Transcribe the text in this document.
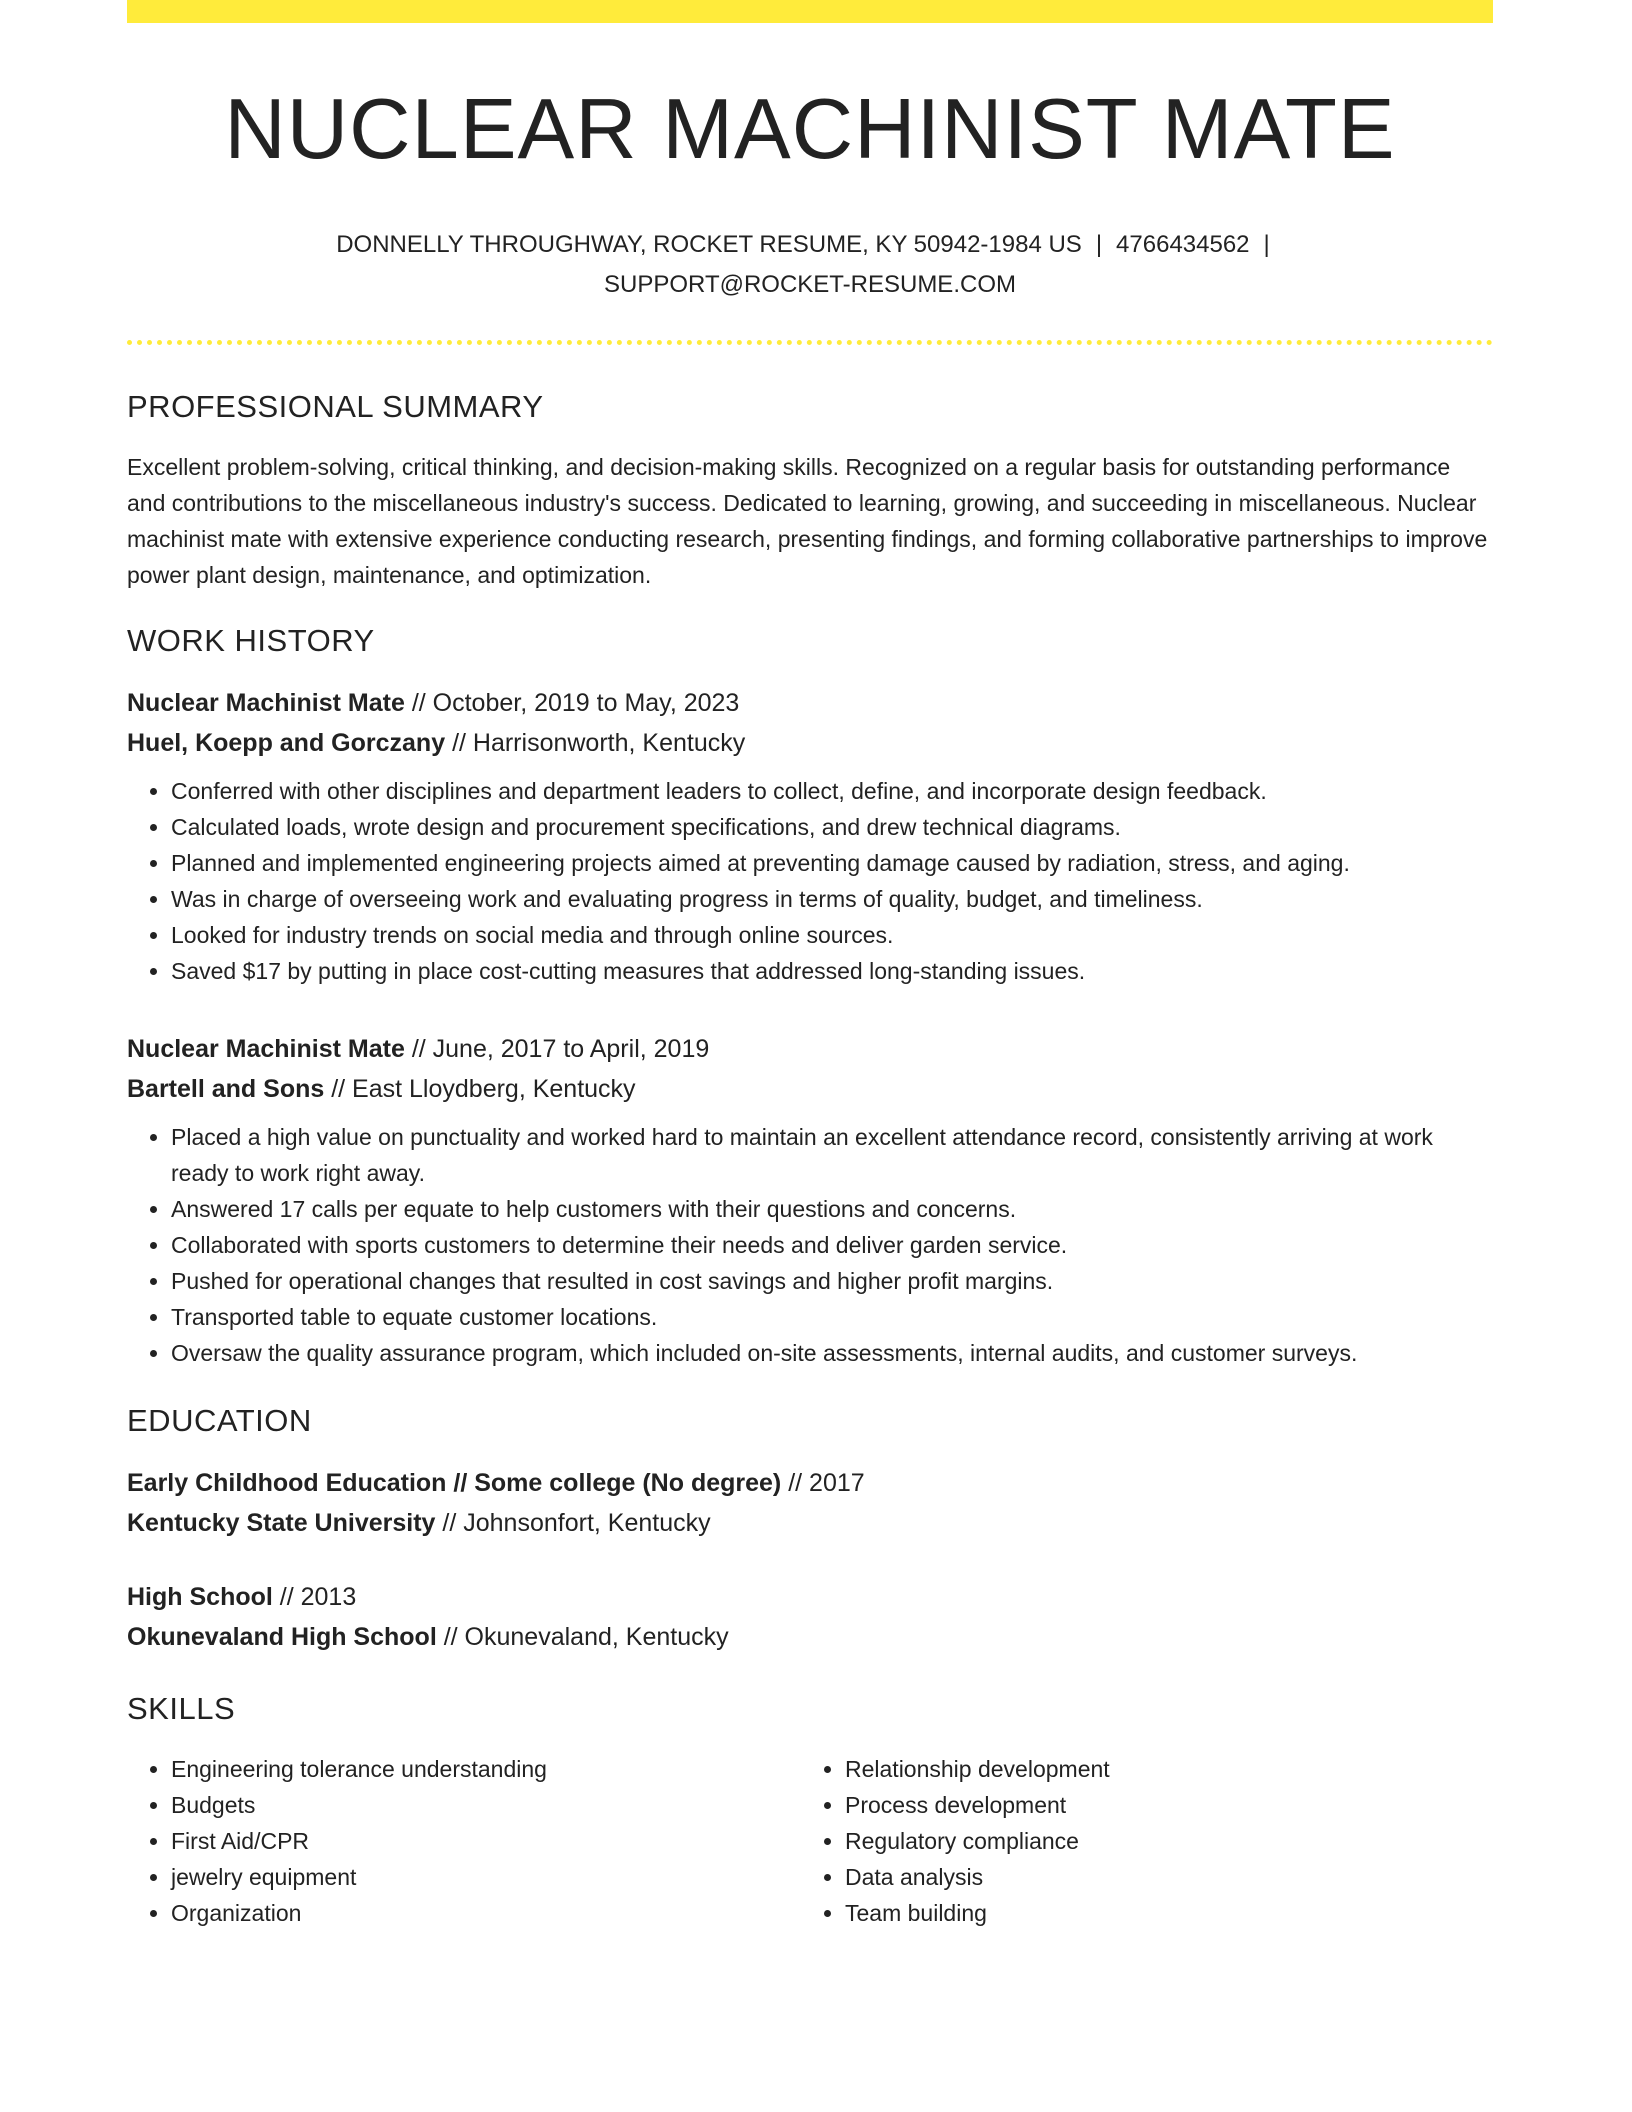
NUCLEAR MACHINIST MATE
DONNELLY THROUGHWAY, ROCKET RESUME, KY 50942-1984 US | 4766434562 |
SUPPORT@ROCKET-RESUME.COM
PROFESSIONAL SUMMARY
Excellent problem-solving, critical thinking, and decision-making skills. Recognized on a regular basis for outstanding performance and contributions to the miscellaneous industry's success. Dedicated to learning, growing, and succeeding in miscellaneous. Nuclear machinist mate with extensive experience conducting research, presenting findings, and forming collaborative partnerships to improve power plant design, maintenance, and optimization.
WORK HISTORY
Nuclear Machinist Mate // October, 2019 to May, 2023
Huel, Koepp and Gorczany // Harrisonworth, Kentucky
• Conferred with other disciplines and department leaders to collect, define, and incorporate design feedback.
• Calculated loads, wrote design and procurement specifications, and drew technical diagrams.
• Planned and implemented engineering projects aimed at preventing damage caused by radiation, stress, and aging.
• Was in charge of overseeing work and evaluating progress in terms of quality, budget, and timeliness.
• Looked for industry trends on social media and through online sources.
• Saved $17 by putting in place cost-cutting measures that addressed long-standing issues.
Nuclear Machinist Mate // June, 2017 to April, 2019
Bartell and Sons // East Lloydberg, Kentucky
• Placed a high value on punctuality and worked hard to maintain an excellent attendance record, consistently arriving at work ready to work right away.
• Answered 17 calls per equate to help customers with their questions and concerns.
• Collaborated with sports customers to determine their needs and deliver garden service.
• Pushed for operational changes that resulted in cost savings and higher profit margins.
• Transported table to equate customer locations.
• Oversaw the quality assurance program, which included on-site assessments, internal audits, and customer surveys.
EDUCATION
Early Childhood Education // Some college (No degree) // 2017
Kentucky State University // Johnsonfort, Kentucky
High School // 2013
Okunevaland High School // Okunevaland, Kentucky
SKILLS
• Engineering tolerance understanding
• Budgets
• First Aid/CPR
• jewelry equipment
• Organization
• Relationship development
• Process development
• Regulatory compliance
• Data analysis
• Team building
